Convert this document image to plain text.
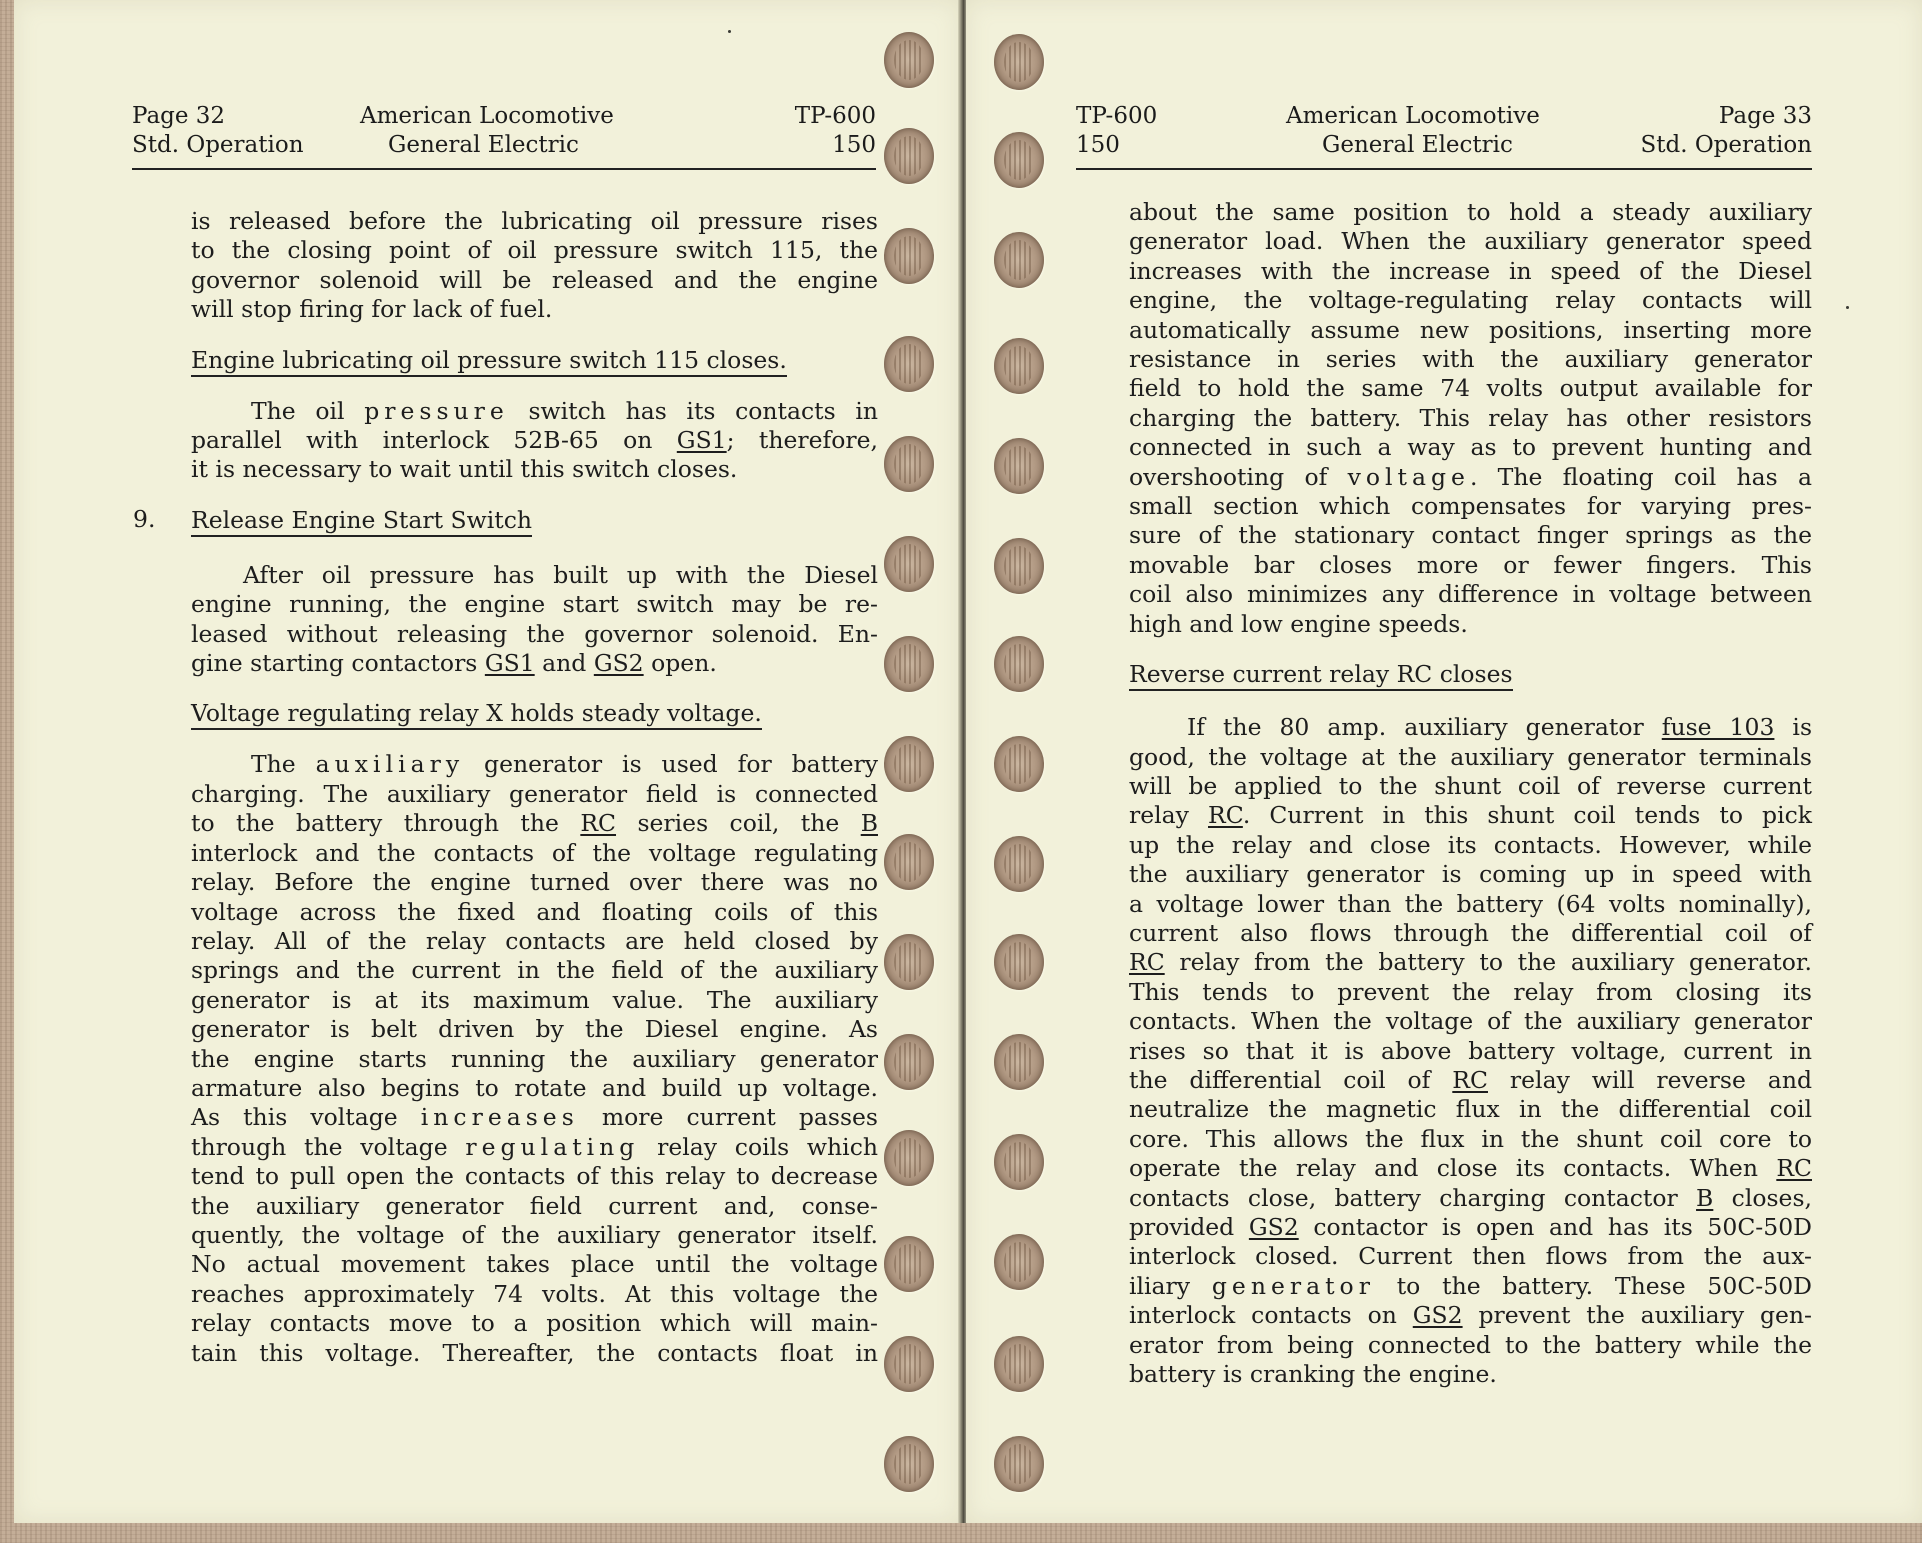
Page 32
Std. Operation
American Locomotive
General Electric
TP-600
150

is released before the lubricating oil pressure rises

to the closing point of oil pressure switch 115, the

governor solenoid will be released and the engine

will stop firing for lack of fuel.

Engine lubricating oil pressure switch 115 closes.

The oil pressure switch has its contacts in

parallel with interlock 52B-65 on GS1; therefore,

it is necessary to wait until this switch closes.

9. Release Engine Start Switch

After oil pressure has built up with the Diesel

engine running, the engine start switch may be re-

leased without releasing the governor solenoid. En-

gine starting contactors GS1 and GS2 open.

Voltage regulating relay X holds steady voltage.

The auxiliary generator is used for battery

charging. The auxiliary generator field is connected

to the battery through the RC series coil, the B

interlock and the contacts of the voltage regulating

relay. Before the engine turned over there was no

voltage across the fixed and floating coils of this

relay. All of the relay contacts are held closed by

springs and the current in the field of the auxiliary

generator is at its maximum value. The auxiliary

generator is belt driven by the Diesel engine. As

the engine starts running the auxiliary generator

armature also begins to rotate and build up voltage.

As this voltage increases more current passes

through the voltage regulating relay coils which

tend to pull open the contacts of this relay to decrease

the auxiliary generator field current and, conse-

quently, the voltage of the auxiliary generator itself.

No actual movement takes place until the voltage

reaches approximately 74 volts. At this voltage the

relay contacts move to a position which will main-

tain this voltage. Thereafter, the contacts float in

TP-600
150
American Locomotive
General Electric
Page 33
Std. Operation

about the same position to hold a steady auxiliary

generator load. When the auxiliary generator speed

increases with the increase in speed of the Diesel

engine, the voltage-regulating relay contacts will

automatically assume new positions, inserting more

resistance in series with the auxiliary generator

field to hold the same 74 volts output available for

charging the battery. This relay has other resistors

connected in such a way as to prevent hunting and

overshooting of voltage. The floating coil has a

small section which compensates for varying pres-

sure of the stationary contact finger springs as the

movable bar closes more or fewer fingers. This

coil also minimizes any difference in voltage between

high and low engine speeds.

Reverse current relay RC closes

If the 80 amp. auxiliary generator fuse 103 is

good, the voltage at the auxiliary generator terminals

will be applied to the shunt coil of reverse current

relay RC. Current in this shunt coil tends to pick

up the relay and close its contacts. However, while

the auxiliary generator is coming up in speed with

a voltage lower than the battery (64 volts nominally),

current also flows through the differential coil of

RC relay from the battery to the auxiliary generator.

This tends to prevent the relay from closing its

contacts. When the voltage of the auxiliary generator

rises so that it is above battery voltage, current in

the differential coil of RC relay will reverse and

neutralize the magnetic flux in the differential coil

core. This allows the flux in the shunt coil core to

operate the relay and close its contacts. When RC

contacts close, battery charging contactor B closes,

provided GS2 contactor is open and has its 50C-50D

interlock closed. Current then flows from the aux-

iliary generator to the battery. These 50C-50D

interlock contacts on GS2 prevent the auxiliary gen-

erator from being connected to the battery while the

battery is cranking the engine.
